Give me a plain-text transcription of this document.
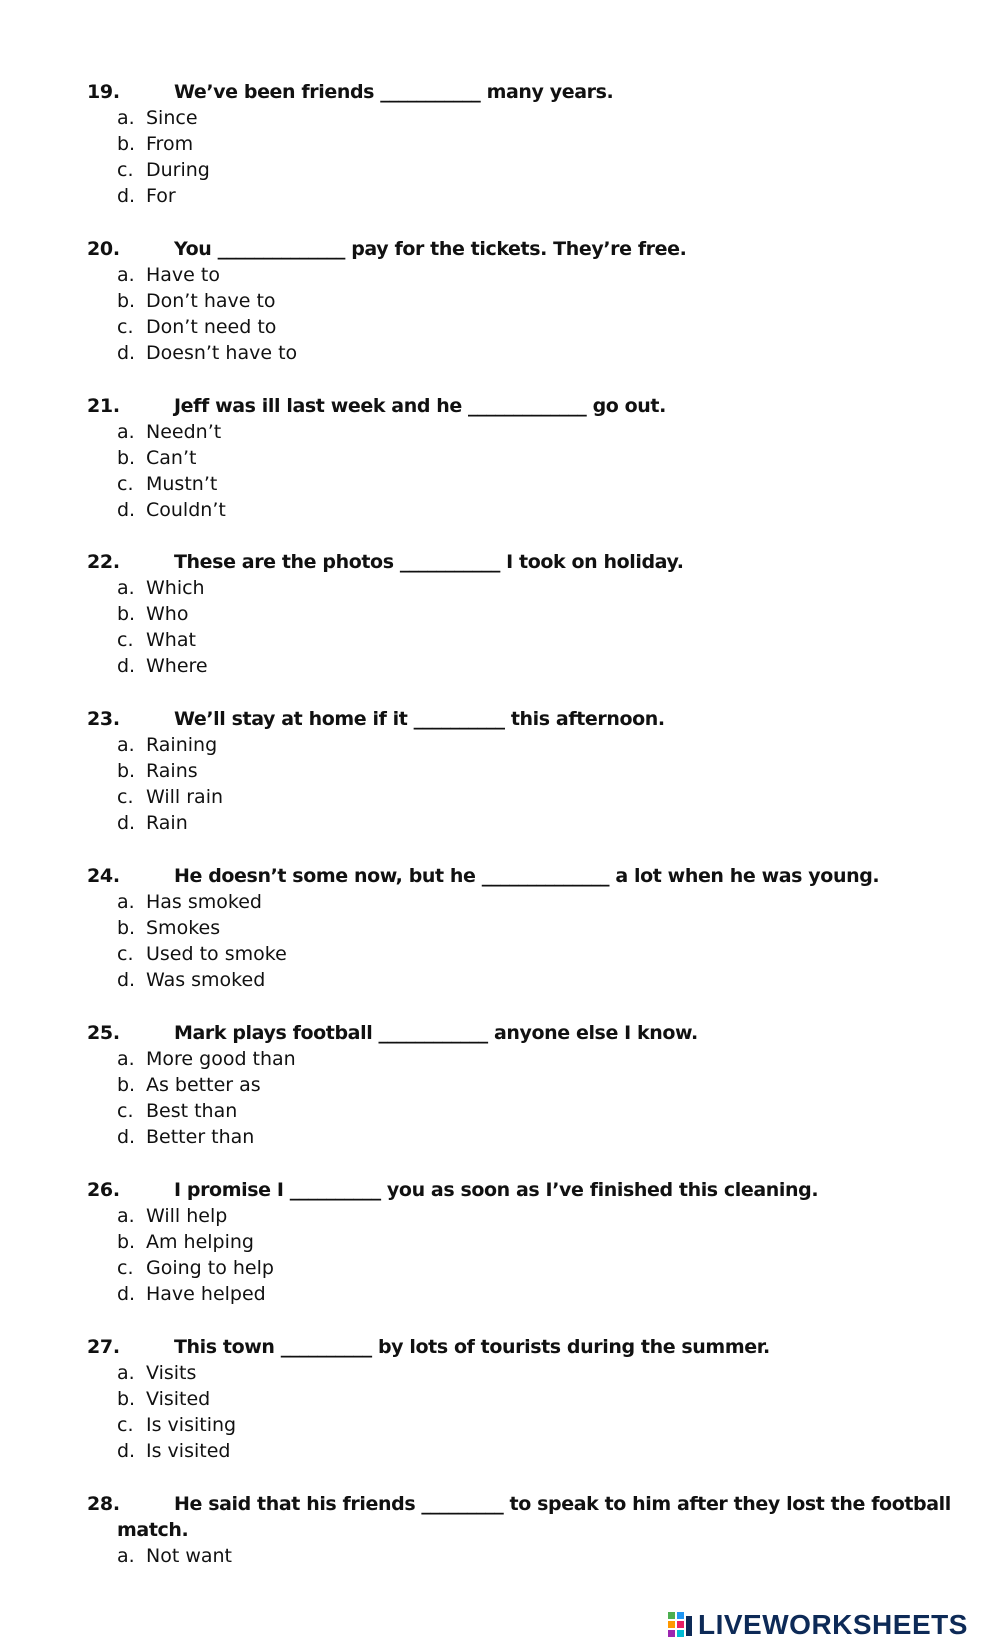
19.	We’ve been friends ___________ many years.
a. Since
b. From
c. During
d. For
20.	You ______________ pay for the tickets. They’re free.
a. Have to
b. Don’t have to
c. Don’t need to
d. Doesn’t have to
21.	Jeff was ill last week and he _____________ go out.
a. Needn’t
b. Can’t
c. Mustn’t
d. Couldn’t
22.	These are the photos ___________ I took on holiday.
a. Which
b. Who
c. What
d. Where
23.	We’ll stay at home if it __________ this afternoon.
a. Raining
b. Rains
c. Will rain
d. Rain
24.	He doesn’t some now, but he ______________ a lot when he was young.
a. Has smoked
b. Smokes
c. Used to smoke
d. Was smoked
25.	Mark plays football ____________ anyone else I know.
a. More good than
b. As better as
c. Best than
d. Better than
26.	I promise I __________ you as soon as I’ve finished this cleaning.
a. Will help
b. Am helping
c. Going to help
d. Have helped
27.	This town __________ by lots of tourists during the summer.
a. Visits
b. Visited
c. Is visiting
d. Is visited
28.	He said that his friends _________ to speak to him after they lost the football
match.
a. Not want
LIVEWORKSHEETS
